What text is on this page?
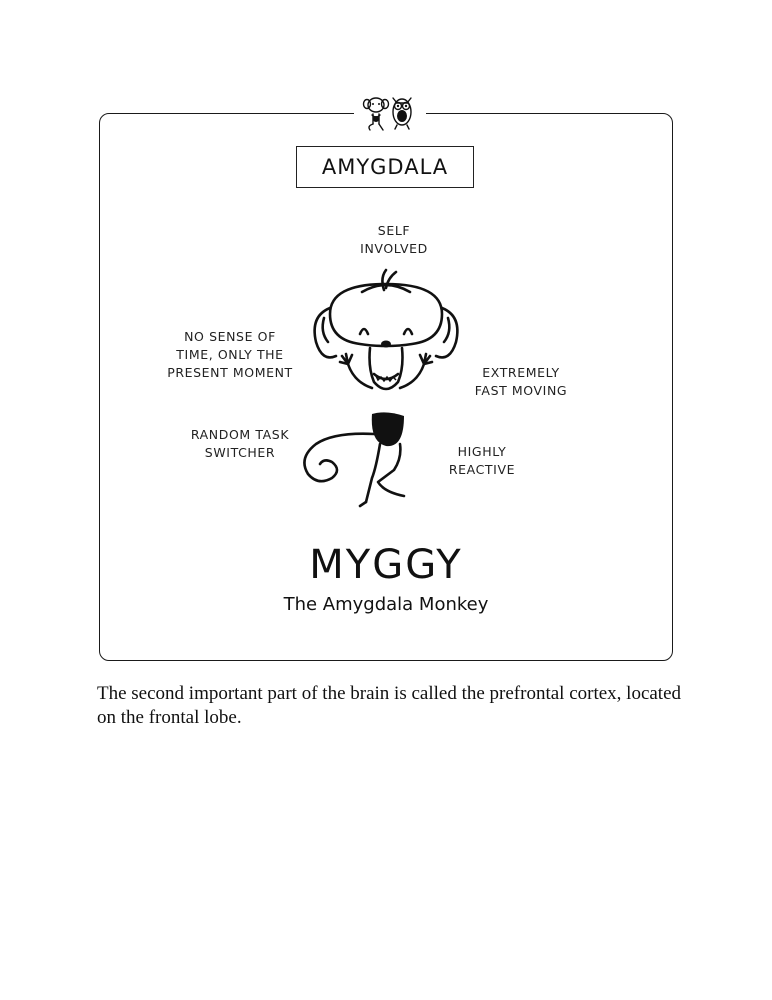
AMYGDALA
SELF
INVOLVED
NO SENSE OF
TIME, ONLY THE
PRESENT MOMENT	EXTREMELY
FAST MOVING
RANDOM TASK
SWITCHER	HIGHLY
REACTIVE
MYGGY
The Amygdala Monkey

The second important part of the brain is called the prefrontal cortex, located on the frontal lobe.
